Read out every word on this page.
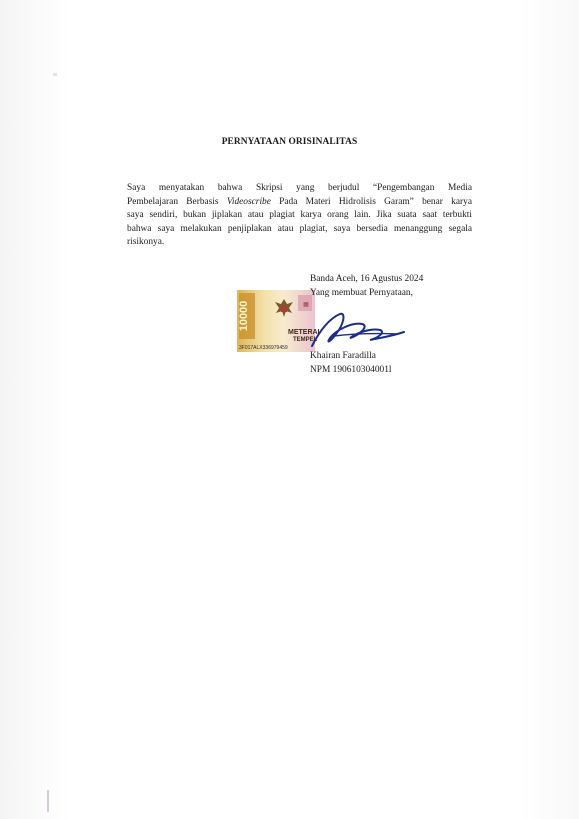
PERNYATAAN ORISINALITAS
Saya menyatakan bahwa Skripsi yang berjudul “Pengembangan Media
Pembelajaran Berbasis Videoscribe Pada Materi Hidrolisis Garam” benar karya
saya sendiri, bukan jiplakan atau plagiat karya orang lain. Jika suata saat terbukti
bahwa saya melakukan penjiplakan atau plagiat, saya bersedia menanggung segala
risikonya.
10000	▦
METERAI
TEMPEL
3F017ALX336979459
Banda Aceh, 16 Agustus 2024
Yang membuat Pernyataan,
Khairan Faradilla
NPM 190610304001l
